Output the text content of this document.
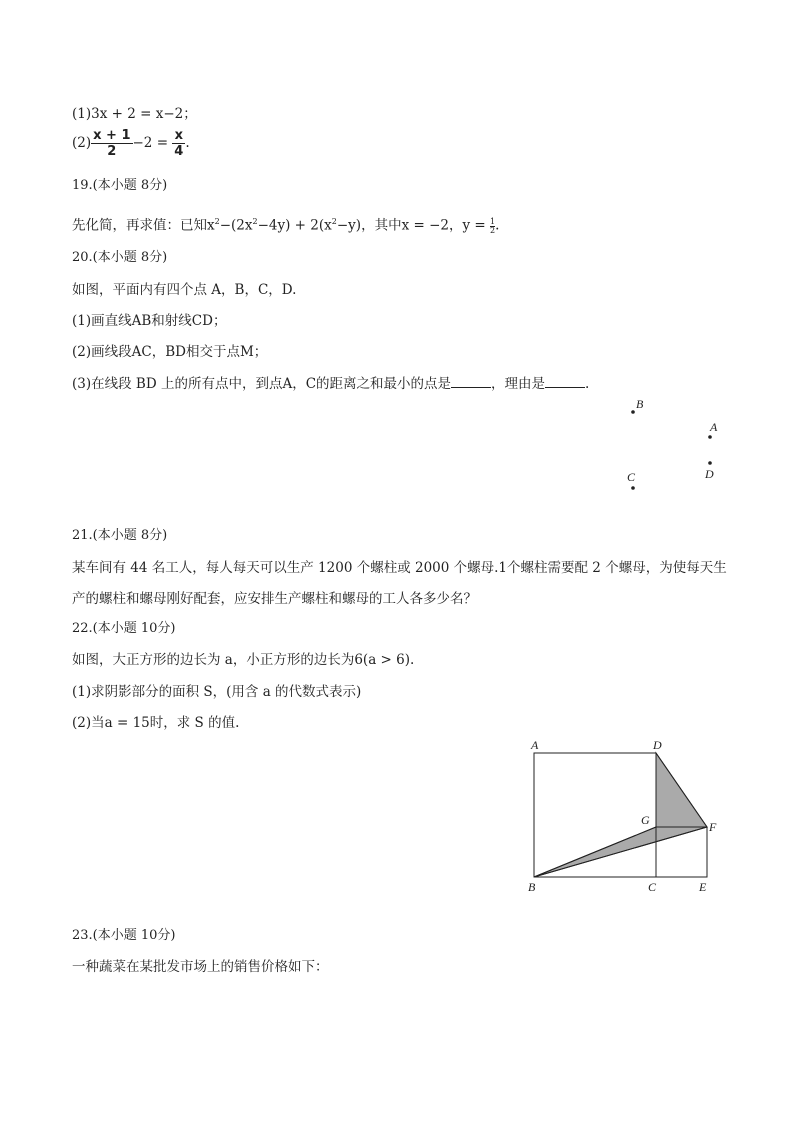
(1)3x + 2 = x−2；
$(2) \frac{x + 1}{2} -2 = \frac{x}{4}$ .
19.(本小题 8分)
先化简，再求值：已知$x^2-(2x^2-4y) + 2(x^2-y)$，其中x = −2，$y = \frac{1}{2}$ .
20.(本小题 8分)
如图，平面内有四个点 A，B，C，D.
(1)画直线AB和射线CD；
(2)画线段AC，BD相交于点M；
(3)在线段 BD 上的所有点中，到点A，C的距离之和最小的点是	，理由是	.
B
A
D
C
21.(本小题 8分)
某车间有 44 名工人，每人每天可以生产 1200 个螺柱或 2000 个螺母.1个螺柱需要配 2 个螺母，为使每天生
产的螺柱和螺母刚好配套，应安排生产螺柱和螺母的工人各多少名？
22.(本小题 10分)
如图，大正方形的边长为 a，小正方形的边长为6(a > 6).
(1)求阴影部分的面积 S，(用含 a 的代数式表示)
(2)当a = 15时，求 S 的值.
A	D
G	F
B	C	E
23.(本小题 10分)
一种蔬菜在某批发市场上的销售价格如下：
